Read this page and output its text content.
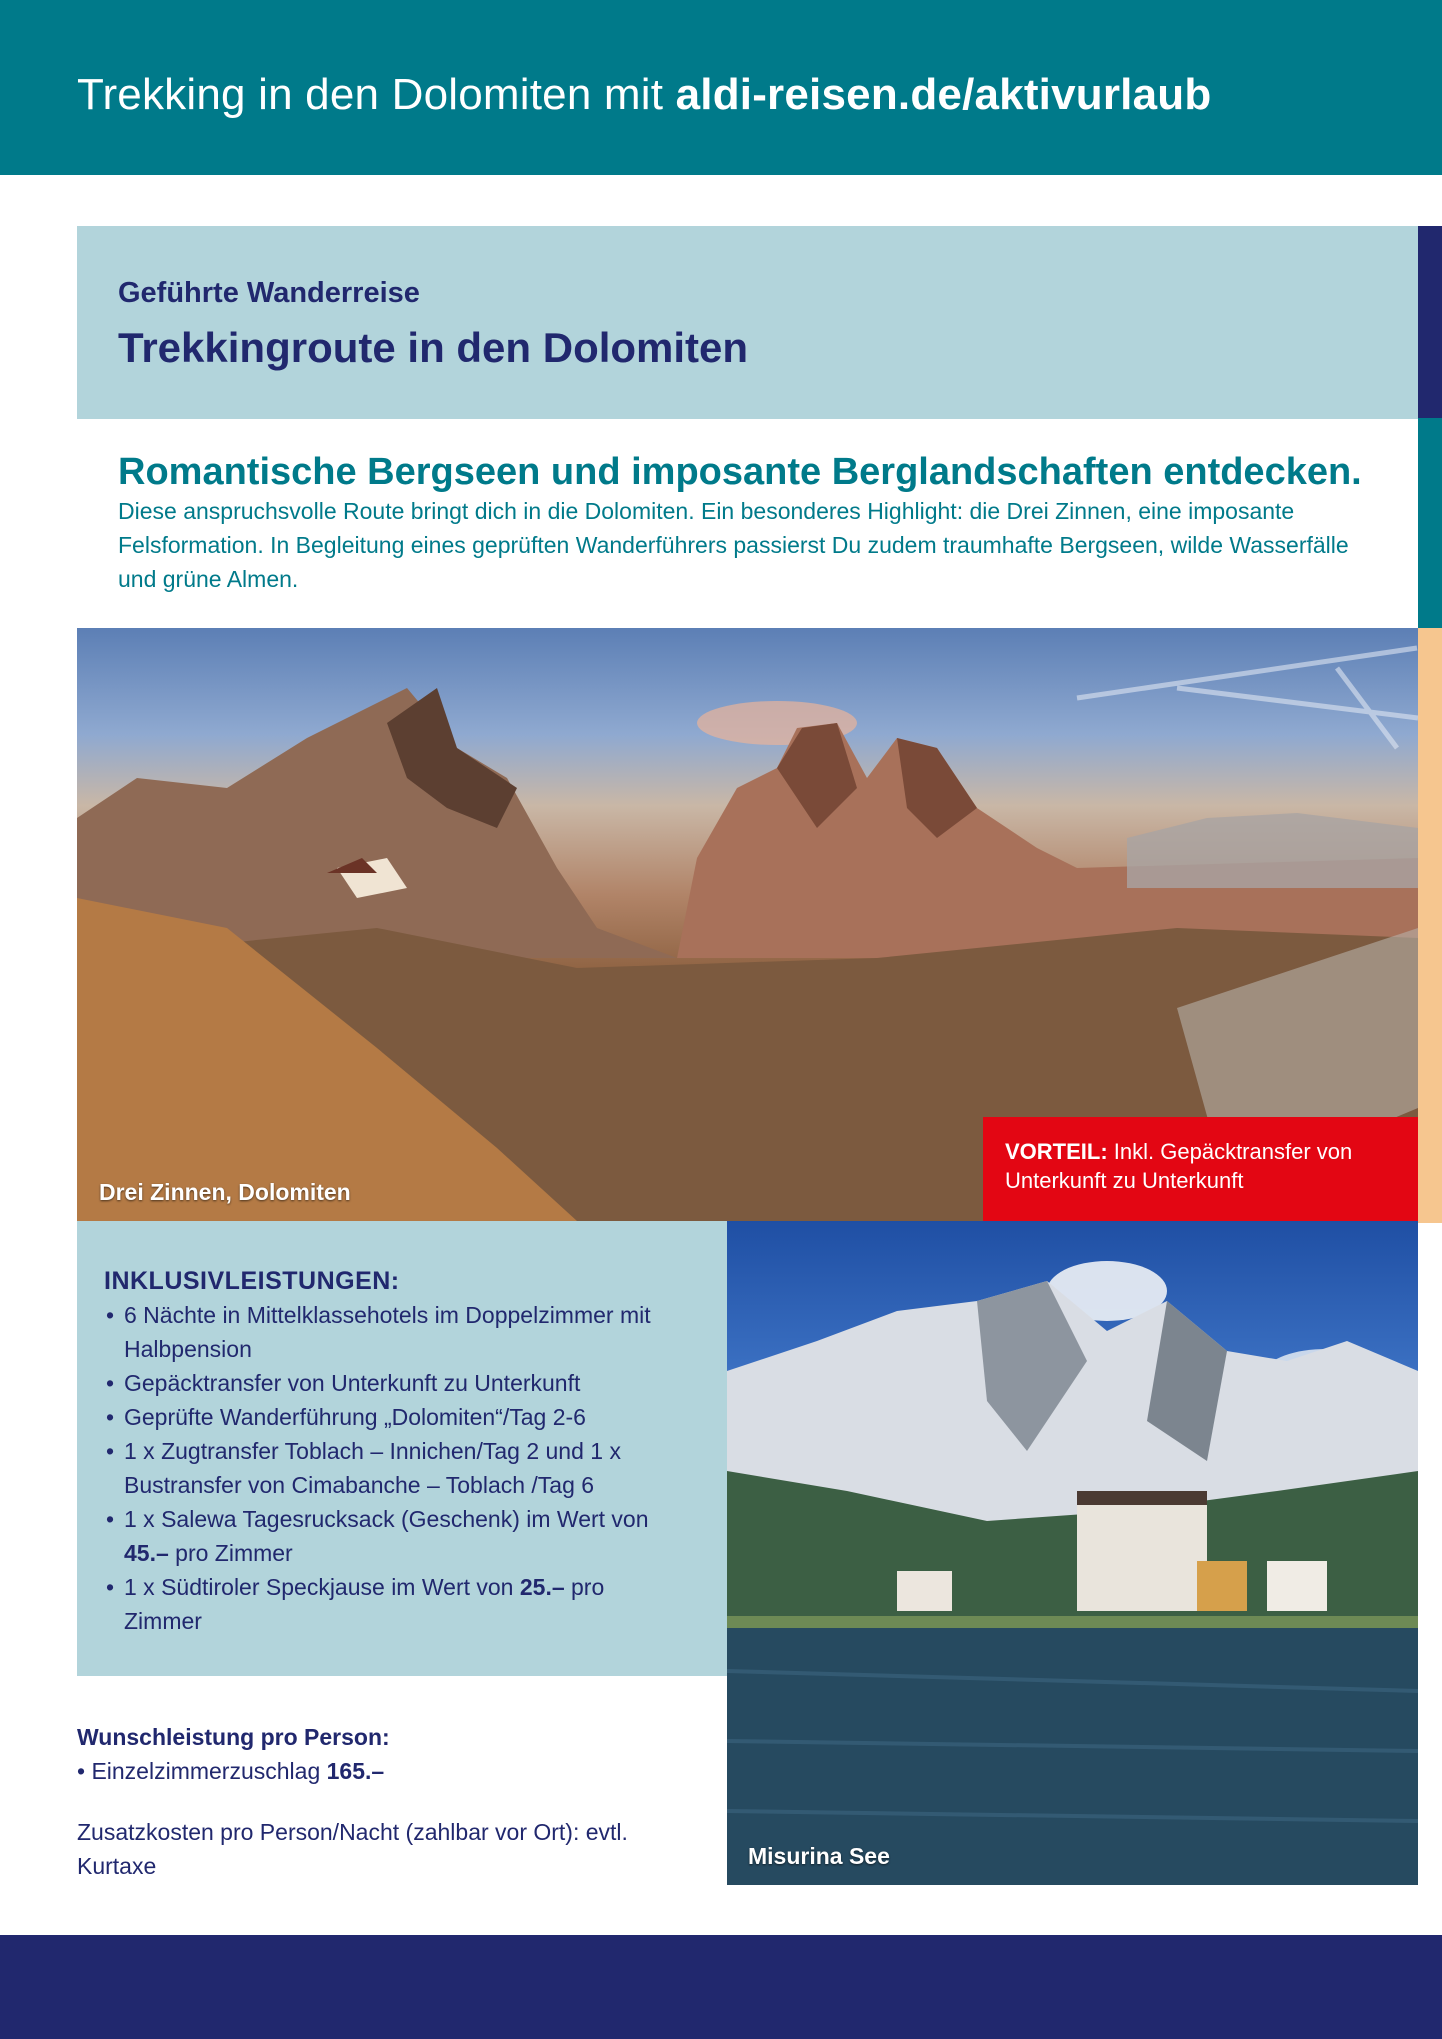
Trekking in den Dolomiten mit aldi-reisen.de/aktivurlaub
Geführte Wanderreise
Trekkingroute in den Dolomiten
Romantische Bergseen und imposante Berglandschaften entdecken.
Diese anspruchsvolle Route bringt dich in die Dolomiten. Ein besonderes Highlight: die Drei Zinnen, eine imposante Felsformation. In Begleitung eines geprüften Wanderführers passierst Du zudem traumhafte Bergseen, wilde Wasserfälle und grüne Almen.
Drei Zinnen, Dolomiten
VORTEIL: Inkl. Gepäcktransfer von Unterkunft zu Unterkunft
INKLUSIVLEISTUNGEN:
• 6 Nächte in Mittelklassehotels im Doppelzimmer mit Halbpension
• Gepäcktransfer von Unterkunft zu Unterkunft
• Geprüfte Wanderführung „Dolomiten“/Tag 2-6
• 1 x Zugtransfer Toblach – Innichen/Tag 2 und 1 x Bustransfer von Cimabanche – Toblach /Tag 6
• 1 x Salewa Tagesrucksack (Geschenk) im Wert von 45.– pro Zimmer
• 1 x Südtiroler Speckjause im Wert von 25.– pro Zimmer
Misurina See
Wunschleistung pro Person:
• Einzelzimmerzuschlag 165.–
Zusatzkosten pro Person/Nacht (zahlbar vor Ort): evtl. Kurtaxe
